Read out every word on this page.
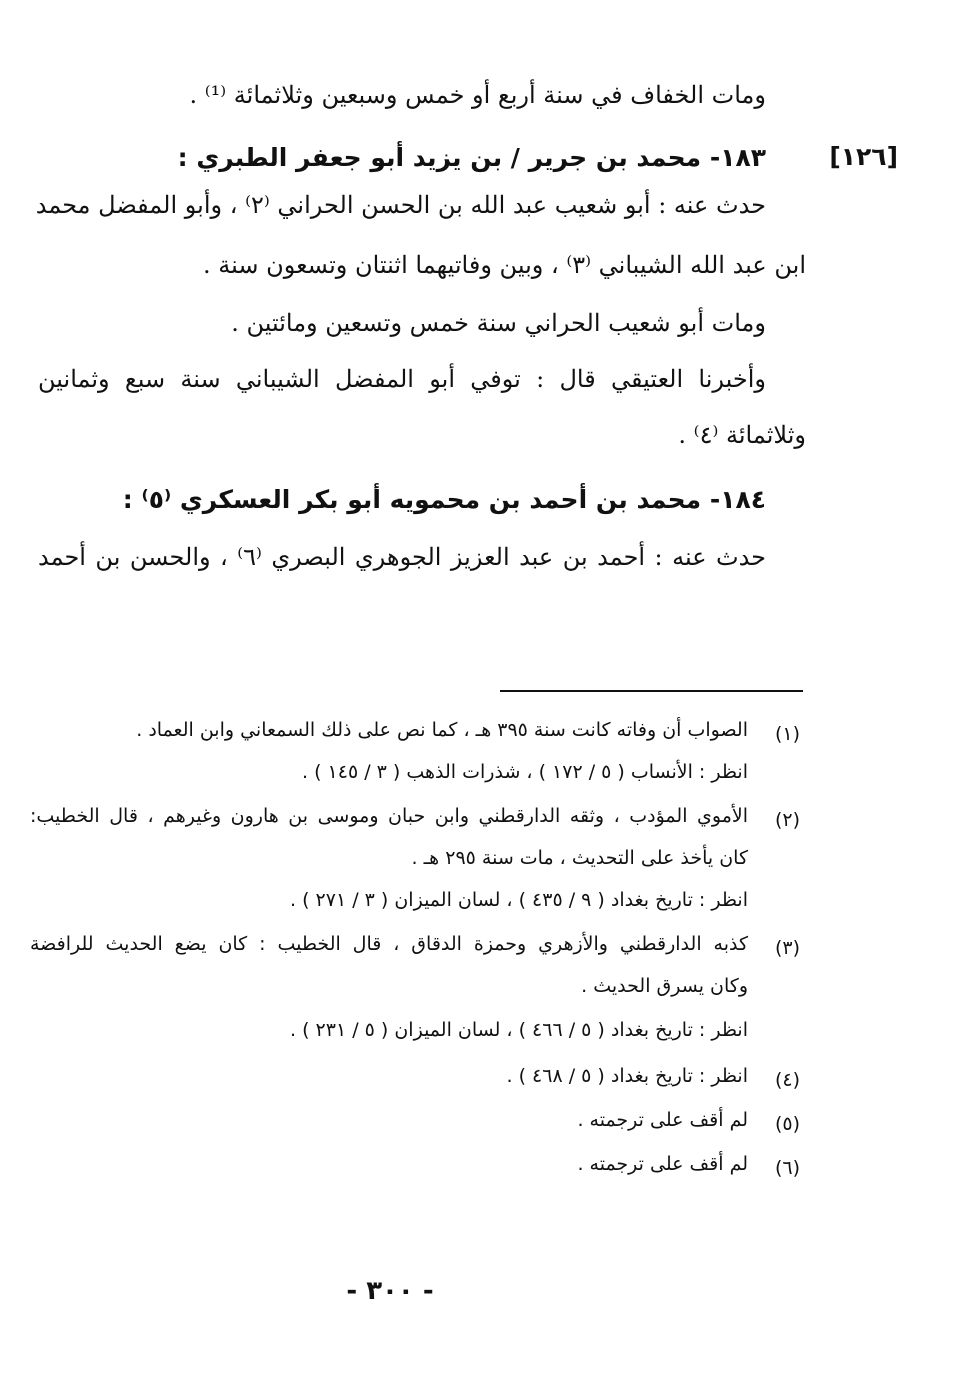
ومات الخفاف في سنة أربع أو خمس وسبعين وثلاثمائة ⁽¹⁾ .
[١٢٦]
١٨٣- محمد بن جرير / بن يزيد أبو جعفر الطبري :
حدث عنه : أبو شعيب عبد الله بن الحسن الحراني ⁽٢⁾ ، وأبو المفضل محمد
ابن عبد الله الشيباني ⁽٣⁾ ، وبين وفاتيهما اثنتان وتسعون سنة .
ومات أبو شعيب الحراني سنة خمس وتسعين ومائتين .
وأخبرنا العتيقي قال : توفي أبو المفضل الشيباني سنة سبع وثمانين
وثلاثمائة ⁽٤⁾ .
١٨٤- محمد بن أحمد بن محمويه أبو بكر العسكري ⁽٥⁾ :
حدث عنه : أحمد بن عبد العزيز الجوهري البصري ⁽٦⁾ ، والحسن بن أحمد
(١)
الصواب أن وفاته كانت سنة ٣٩٥ هـ ، كما نص على ذلك السمعاني وابن العماد .
انظر : الأنساب ( ٥ / ١٧٢ ) ، شذرات الذهب ( ٣ / ١٤٥ ) .
(٢)
الأموي المؤدب ، وثقه الدارقطني وابن حبان وموسى بن هارون وغيرهم ، قال الخطيب:
كان يأخذ على التحديث ، مات سنة ٢٩٥ هـ .
انظر : تاريخ بغداد ( ٩ / ٤٣٥ ) ، لسان الميزان ( ٣ / ٢٧١ ) .
(٣)
كذبه الدارقطني والأزهري وحمزة الدقاق ، قال الخطيب : كان يضع الحديث للرافضة
وكان يسرق الحديث .
انظر : تاريخ بغداد ( ٥ / ٤٦٦ ) ، لسان الميزان ( ٥ / ٢٣١ ) .
(٤)
انظر : تاريخ بغداد ( ٥ / ٤٦٨ ) .
(٥)
لم أقف على ترجمته .
(٦)
لم أقف على ترجمته .
- ٣٠٠ -
